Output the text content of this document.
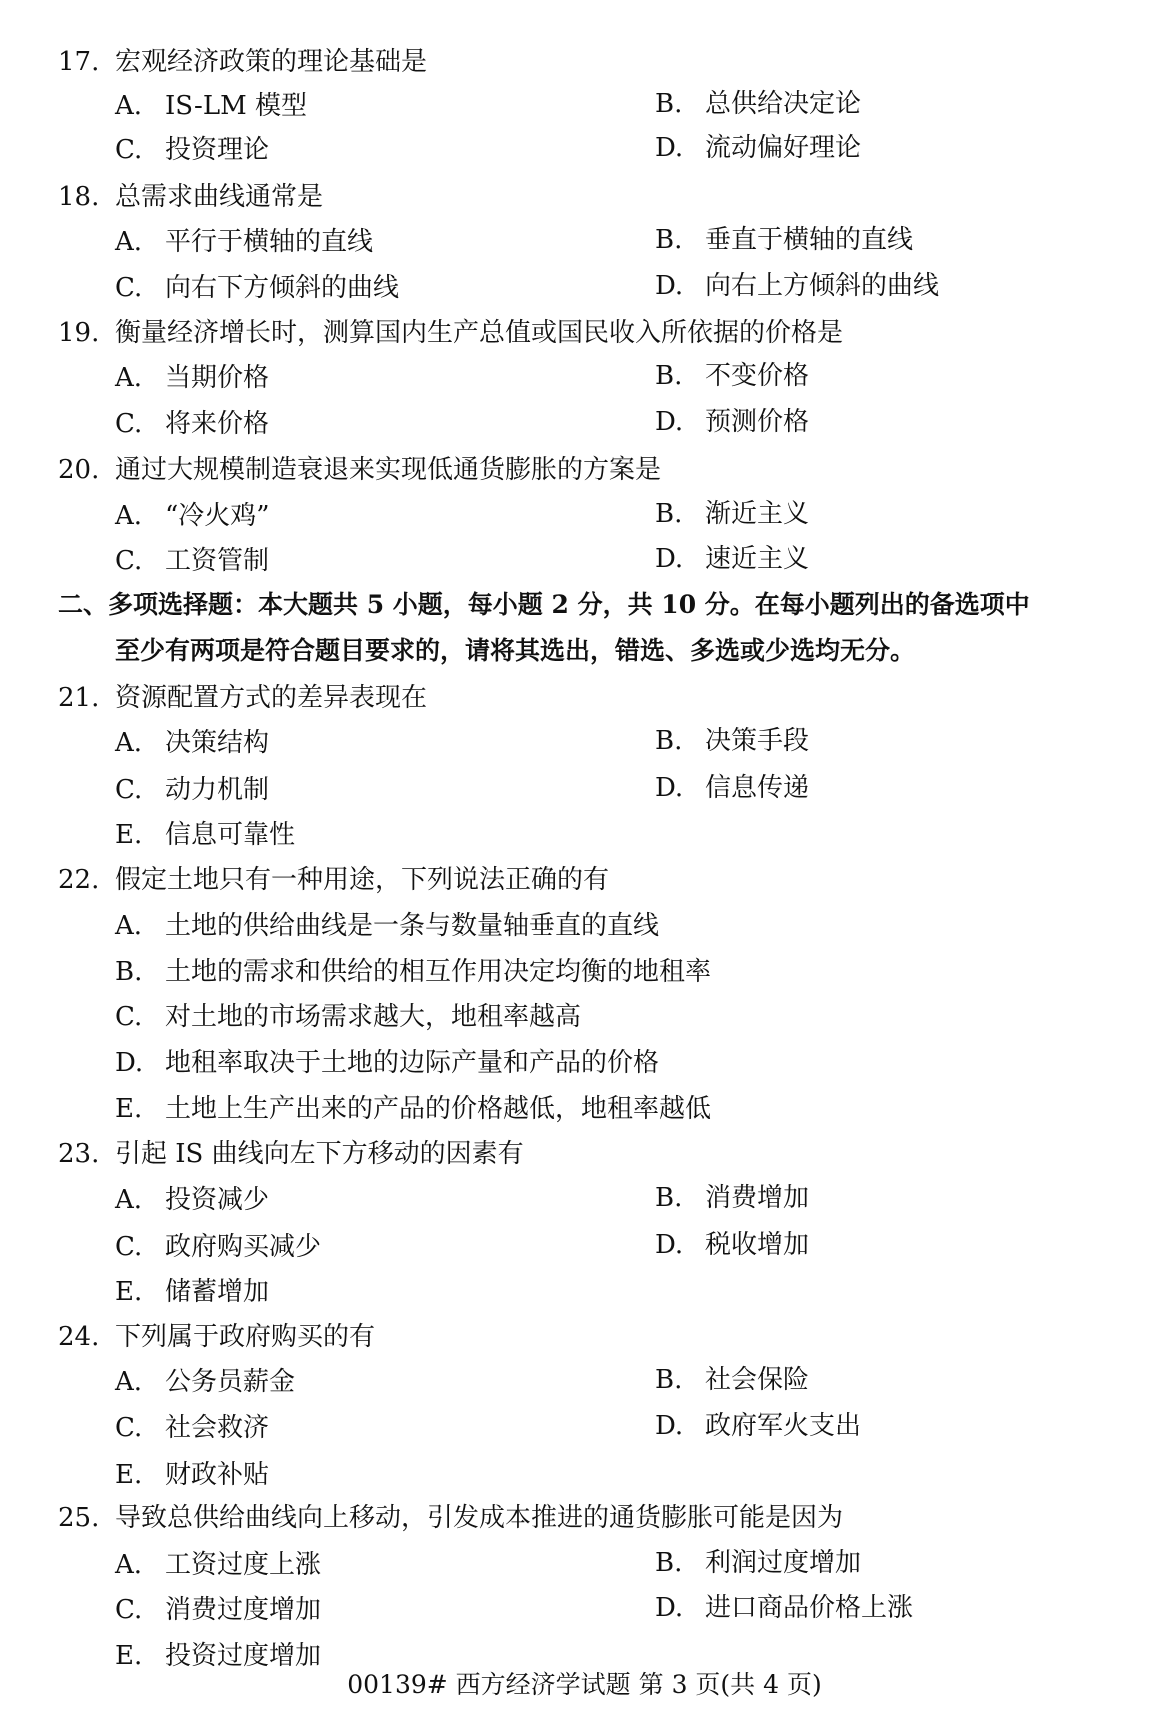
17. 宏观经济政策的理论基础是
A. IS-LM 模型	B. 总供给决定论
C. 投资理论	D. 流动偏好理论
18. 总需求曲线通常是
A. 平行于横轴的直线	B. 垂直于横轴的直线
C. 向右下方倾斜的曲线	D. 向右上方倾斜的曲线
19. 衡量经济增长时，测算国内生产总值或国民收入所依据的价格是
A. 当期价格	B. 不变价格
C. 将来价格	D. 预测价格
20. 通过大规模制造衰退来实现低通货膨胀的方案是
A. “冷火鸡”	B. 渐近主义
C. 工资管制	D. 速近主义
二、多项选择题：本大题共 5 小题，每小题 2 分，共 10 分。在每小题列出的备选项中
至少有两项是符合题目要求的，请将其选出，错选、多选或少选均无分。
21. 资源配置方式的差异表现在
A. 决策结构	B. 决策手段
C. 动力机制	D. 信息传递
E. 信息可靠性
22. 假定土地只有一种用途，下列说法正确的有
A. 土地的供给曲线是一条与数量轴垂直的直线
B. 土地的需求和供给的相互作用决定均衡的地租率
C. 对土地的市场需求越大，地租率越高
D. 地租率取决于土地的边际产量和产品的价格
E. 土地上生产出来的产品的价格越低，地租率越低
23. 引起 IS 曲线向左下方移动的因素有
A. 投资减少	B. 消费增加
C. 政府购买减少	D. 税收增加
E. 储蓄增加
24. 下列属于政府购买的有
A. 公务员薪金	B. 社会保险
C. 社会救济	D. 政府军火支出
E. 财政补贴
25. 导致总供给曲线向上移动，引发成本推进的通货膨胀可能是因为
A. 工资过度上涨	B. 利润过度增加
C. 消费过度增加	D. 进口商品价格上涨
E. 投资过度增加
00139# 西方经济学试题 第 3 页(共 4 页)
